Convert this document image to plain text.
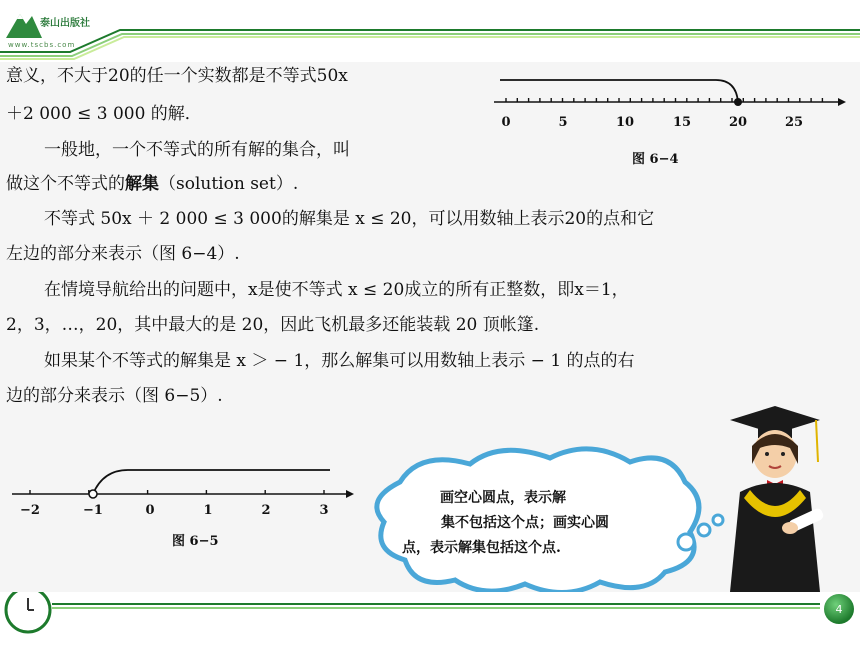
泰山出版社
www.tscbs.com
意义，不大于20的任一个实数都是不等式50x
＋2 000 ≤ 3 000 的解．
一般地，一个不等式的所有解的集合，叫
做这个不等式的解集（solution set）.
不等式 50x ＋ 2 000 ≤ 3 000的解集是 x ≤ 20，可以用数轴上表示20的点和它
左边的部分来表示（图 6−4）.
在情境导航给出的问题中，x是使不等式 x ≤ 20成立的所有正整数，即x＝1，
2，3，…，20，其中最大的是 20，因此飞机最多还能装载 20 顶帐篷.
如果某个不等式的解集是 x ＞ − 1，那么解集可以用数轴上表示 − 1 的点的右
边的部分来表示（图 6−5）.
0	5	10	15	20	25
图 6−4
−2	−1	0	1	2	3
图 6−5
画空心圆点，表示解
集不包括这个点；画实心圆
点，表示解集包括这个点.
4
